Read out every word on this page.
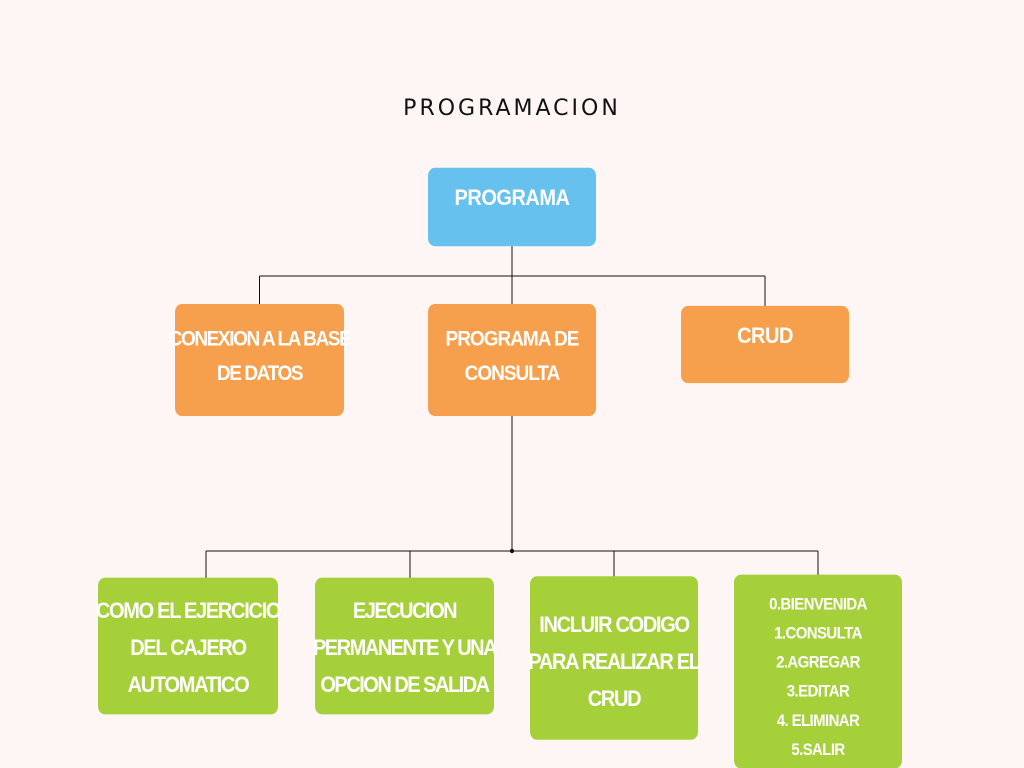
PROGRAMACION
PROGRAMA
CONEXION A LA BASE
DE DATOS
PROGRAMA DE
CONSULTA
CRUD
COMO EL EJERCICIO
DEL CAJERO
AUTOMATICO
EJECUCION
PERMANENTE Y UNA
OPCION DE SALIDA
INCLUIR CODIGO
PARA REALIZAR EL
CRUD
0.BIENVENIDA
1.CONSULTA
2.AGREGAR
3.EDITAR
4. ELIMINAR
5.SALIR
